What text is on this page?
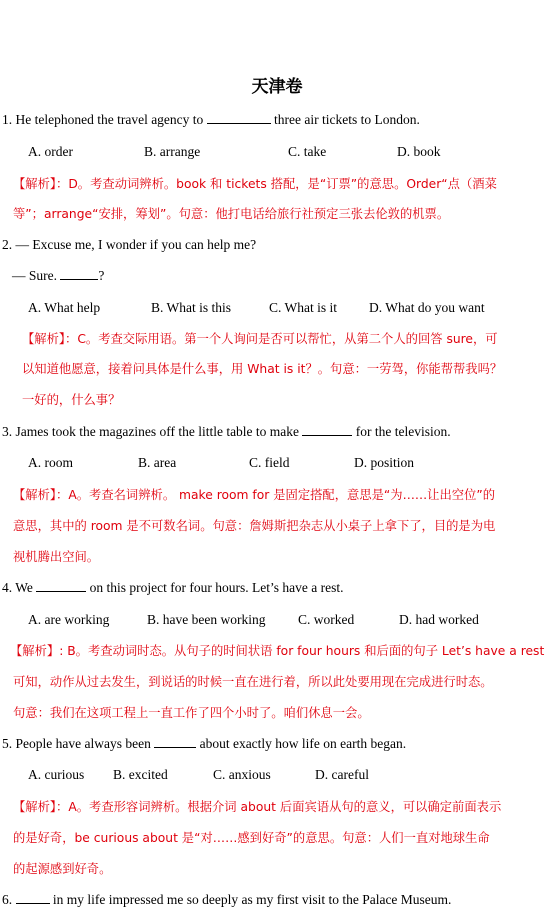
天津卷
1. He telephoned the travel agency to	three air tickets to London.
A. order	B. arrange	C. take	D. book
【解析】：D。考查动词辨析。book 和 tickets 搭配，是“订票”的意思。Order“点（酒菜
等”；arrange“安排，筹划”。句意：他打电话给旅行社预定三张去伦敦的机票。
2. — Excuse me, I wonder if you can help me?
— Sure.	?
A. What help	B. What is this	C. What is it D. What do you want
【解析】：C。考查交际用语。第一个人询问是否可以帮忙，从第二个人的回答 sure，可
以知道他愿意，接着问具体是什么事，用 What is it？。句意：一劳驾，你能帮帮我吗？
一好的，什么事？
3. James took the magazines off the little table to make	for the television.
A. room	B. area	C. field	D. position
【解析】：A。考查名词辨析。 make room for 是固定搭配，意思是“为……让出空位”的
意思，其中的 room 是不可数名词。句意：詹姆斯把杂志从小桌子上拿下了，目的是为电
视机腾出空间。
4. We	on this project for four hours. Let’s have a rest.
A. are working	B. have been working C. worked	D. had worked
【解析】: B。考查动词时态。从句子的时间状语 for four hours 和后面的句子 Let’s have a rest
可知，动作从过去发生，到说话的时候一直在进行着，所以此处要用现在完成进行时态。
句意：我们在这项工程上一直工作了四个小时了。咱们休息一会。
5. People have always been	about exactly how life on earth began.
A. curious B. excited	C. anxious	D. careful
【解析】：A。考查形容词辨析。根据介词 about 后面宾语从句的意义，可以确定前面表示
的是好奇，be curious about 是“对……感到好奇”的意思。句意：人们一直对地球生命
的起源感到好奇。
6.	in my life impressed me so deeply as my first visit to the Palace Museum.
